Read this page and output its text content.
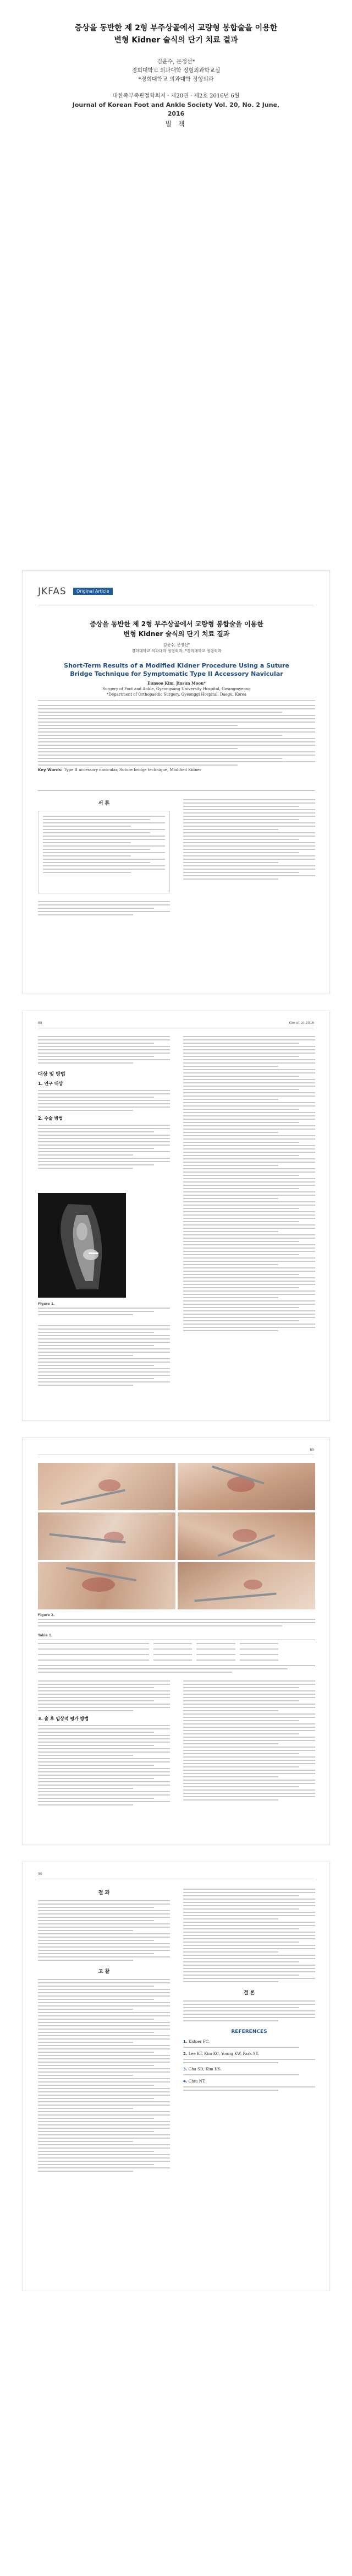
증상을 동반한 제 2형 부주상골에서 교량형 봉합술을 이용한

변형 Kidner 술식의 단기 치료 결과

김윤수, 문정선*
경희대학교 의과대학 정형외과학교실
*경희대학교 의과대학 정형외과
대한족부족관절학회지 · 제20권 · 제2호 2016년 6월
Journal of Korean Foot and Ankle Society Vol. 20, No. 2 June, 2016
별 책
JKFAS	Original Article
증상을 동반한 제 2형 부주상골에서 교량형 봉합술을 이용한
변형 Kidner 술식의 단기 치료 결과
김윤수, 문정선*
경희대학교 의과대학 정형외과, *경희대학교 정형외과
Short-Term Results of a Modified Kidner Procedure Using a Suture
Bridge Technique for Symptomatic Type II Accessory Navicular
Eunsoo Kim, Jinsun Moon*
Surgery of Foot and Ankle, Gyeongsang University Hospital, Gwangmyeong
*Department of Orthopaedic Surgery, Gyeonggi Hospital, Daegu, Korea
Key Words: Type II accessory navicular, Suture bridge technique, Modified Kidner
서 론
88	Kim et al. 2016
대상 및 방법
1. 연구 대상
2. 수술 방법
Figure 1.
89
Figure 2.
Table 1.
3. 술 후 임상적 평가 방법
90
결 과
고 찰
결 론
REFERENCES
1. Kidner FC.
2. Lee KT, Kim KC, Young KW, Park SY.
3. Cha SD, Kim HS.
4. Chiu NT.
